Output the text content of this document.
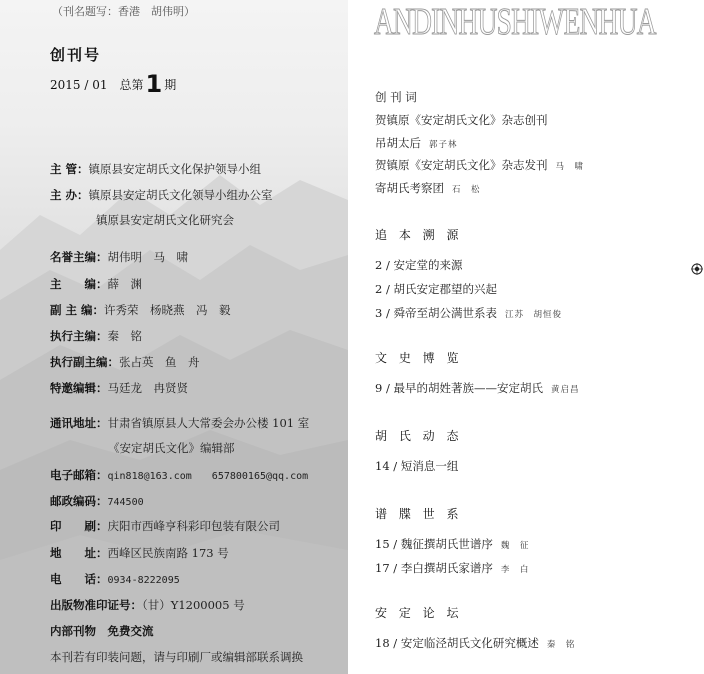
（刊名题写：香港　胡伟明）
创刊号
2015 / 01　总第1 期
主 管：镇原县安定胡氏文化保护领导小组
主 办：镇原县安定胡氏文化领导小组办公室
镇原县安定胡氏文化研究会
名誉主编：胡伟明　马　啸
主　　编：薛　渊
副 主 编：许秀荣　杨晓燕　冯　毅
执行主编：秦　铭
执行副主编：张占英　鱼　舟
特邀编辑：马廷龙　冉贤贤
通讯地址：甘肃省镇原县人大常委会办公楼 101 室
《安定胡氏文化》编辑部
电子邮箱：qin818@163.com 657800165@qq.com
邮政编码：744500
印　　刷：庆阳市西峰亨科彩印包装有限公司
地　　址：西峰区民族南路 173 号
电　　话：0934-8222095
出版物准印证号：（甘）Y1200005 号
内部刊物　免费交流
本刊若有印装问题，请与印刷厂或编辑部联系调换
ANDINHUSHIWENHUA
创 刊 词
贺镇原《安定胡氏文化》杂志创刊
吊胡太后 郭子林
贺镇原《安定胡氏文化》杂志发刊 马　啸
寄胡氏考察团 石　松
追 本 溯 源
2 / 安定堂的来源
2 / 胡氏安定郡望的兴起
3 / 舜帝至胡公满世系表 江苏　胡恒俊
文 史 博 览
9 / 最早的胡姓著族——安定胡氏 黄启昌
胡 氏 动 态
14 / 短消息一组
谱 牒 世 系
15 / 魏征撰胡氏世谱序 魏　征
17 / 李白撰胡氏家谱序 李　白
安 定 论 坛
18 / 安定临泾胡氏文化研究概述 秦　铭
